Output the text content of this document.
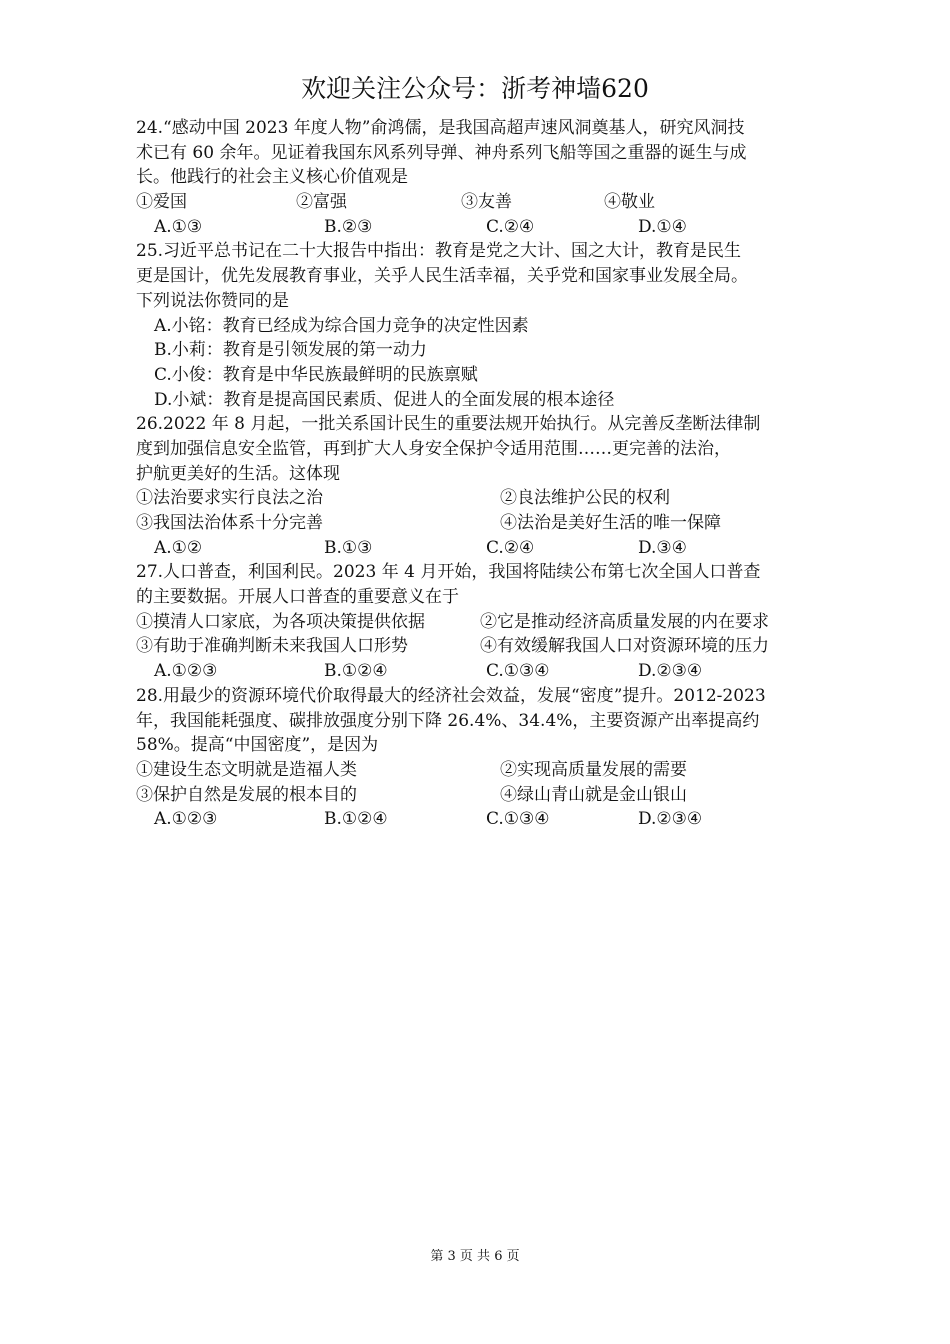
欢迎关注公众号：浙考神墙620
24.“感动中国 2023 年度人物”俞鸿儒，是我国高超声速风洞奠基人，研究风洞技
术已有 60 余年。见证着我国东风系列导弹、神舟系列飞船等国之重器的诞生与成
长。他践行的社会主义核心价值观是
①爱国	②富强	③友善	④敬业
A.①③	B.②③	C.②④	D.①④
25.习近平总书记在二十大报告中指出：教育是党之大计、国之大计，教育是民生
更是国计，优先发展教育事业，关乎人民生活幸福，关乎党和国家事业发展全局。
下列说法你赞同的是
A.小铭：教育已经成为综合国力竞争的决定性因素
B.小莉：教育是引领发展的第一动力
C.小俊：教育是中华民族最鲜明的民族禀赋
D.小斌：教育是提高国民素质、促进人的全面发展的根本途径
26.2022 年 8 月起，一批关系国计民生的重要法规开始执行。从完善反垄断法律制
度到加强信息安全监管，再到扩大人身安全保护令适用范围……更完善的法治，
护航更美好的生活。这体现
①法治要求实行良法之治	②良法维护公民的权利
③我国法治体系十分完善	④法治是美好生活的唯一保障
A.①②	B.①③	C.②④	D.③④
27.人口普查，利国利民。2023 年 4 月开始，我国将陆续公布第七次全国人口普查
的主要数据。开展人口普查的重要意义在于
①摸清人口家底，为各项决策提供依据	②它是推动经济高质量发展的内在要求
③有助于准确判断未来我国人口形势	④有效缓解我国人口对资源环境的压力
A.①②③	B.①②④	C.①③④	D.②③④
28.用最少的资源环境代价取得最大的经济社会效益，发展“密度”提升。2012-2023
年，我国能耗强度、碳排放强度分别下降 26.4%、34.4%，主要资源产出率提高约
58%。提高“中国密度”，是因为
①建设生态文明就是造福人类	②实现高质量发展的需要
③保护自然是发展的根本目的	④绿山青山就是金山银山
A.①②③	B.①②④	C.①③④	D.②③④
第 3 页 共 6 页
